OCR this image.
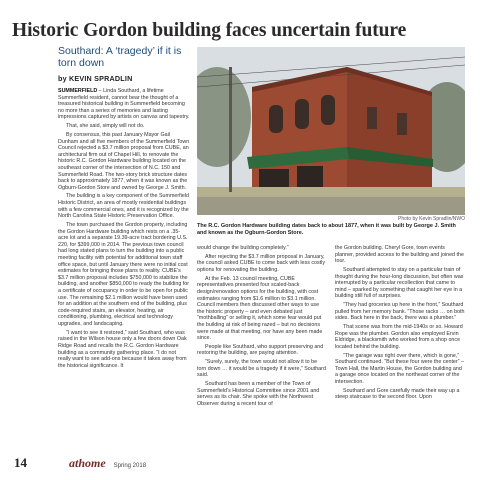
Historic Gordon building faces uncertain future
Southard: A ‘tragedy’ if it is torn down
by KEVIN SPRADLIN

SUMMERFIELD – Linda Southard, a lifetime Summerfield resident, cannot bear the thought of a treasured historical building in Summerfield becoming no more than a series of memories and lasting impressions captured by artists on canvas and tapestry.

That, she said, simply will not do.

By consensus, this past January Mayor Gail Dunham and all five members of the Summerfield Town Council rejected a $3.7 million proposal from CUBE, an architectural firm out of Chapel Hill, to renovate the historic R.C. Gordon Hardware building located on the southeast corner of the intersection of N.C. 150 and Summerfield Road. The two-story brick structure dates back to approximately 1877, when it was known as the Ogburn-Gordon Store and owned by George J. Smith.

The building is a key component of the Summerfield Historic District, an area of mostly residential buildings with a few commercial ones, and it is recognized by the North Carolina State Historic Preservation Office.

The town purchased the Gordon property, including the Gordon Hardware building which rests on a .35-acre lot and a separate 19.39-acre tract bordering U.S. 220, for $399,000 in 2014. The previous town council had long stated plans to turn the building into a public meeting facility with potential for additional town staff office space, but until January there were no initial cost estimates for bringing those plans to reality. CUBE’s $3.7 million proposal includes $750,000 to stabilize the building, and another $850,000 to ready the building for a certificate of occupancy in order to be open for public use. The remaining $2.1 million would have been used for an addition at the southern end of the building, plus code-required stairs, an elevator, heating, air conditioning, plumbing, electrical and technology upgrades, and landscaping.

“I want to see it restored,” said Southard, who was raised in the Wilson house only a few doors down Oak Ridge Road and recalls the R.C. Gordon Hardware building as a community gathering place. “I do not really want to see add-ons because it takes away from the historical significance. It

Photo by Kevin Spradlin/NWO
The R.C. Gordon Hardware building dates back to about 1877, when it was built by George J. Smith and known as the Ogburn-Gordon Store.

would change the building completely.”

After rejecting the $3.7 million proposal in January, the council asked CUBE to come back with less costly options for renovating the building.

At the Feb. 13 council meeting, CUBE representatives presented four scaled-back design/renovation options for the building, with cost estimates ranging from $1.6 million to $3.1 million. Council members then discussed other ways to use the historic property – and even debated just “mothballing” or selling it, which some fear would put the building at risk of being razed – but no decisions were made at that meeting, nor have any been made since.

People like Southard, who support preserving and restoring the building, are paying attention.

“Surely, surely, the town would not allow it to be torn down … it would be a tragedy if it were,” Southard said.

Southard has been a member of the Town of Summerfield’s Historical Committee since 2001 and serves as its chair. She spoke with the Northwest Observer during a recent tour of

the Gordon building. Cheryl Gore, town events planner, provided access to the building and joined the tour.

Southard attempted to stay on a particular train of thought during the hour-long discussion, but often was interrupted by a particular recollection that came to mind – sparked by something that caught her eye in a building still full of surprises.

“They had groceries up here in the front,” Southard pulled from her memory bank. “Those racks … on both sides. Back here in the back, there was a plumber.”

That scene was from the mid-1940s or so. Howard Rope was the plumber. Gordon also employed Ervin Eldridge, a blacksmith who worked from a shop once located behind the building.

“The garage was right over there, which is gone,” Southard continued. “But these four were the center” – Town Hall, the Martin House, the Gordon building and a garage once located on the northeast corner of the intersection.

Southard and Gore carefully made their way up a steep staircase to the second floor. Upon

14	athome Spring 2018
